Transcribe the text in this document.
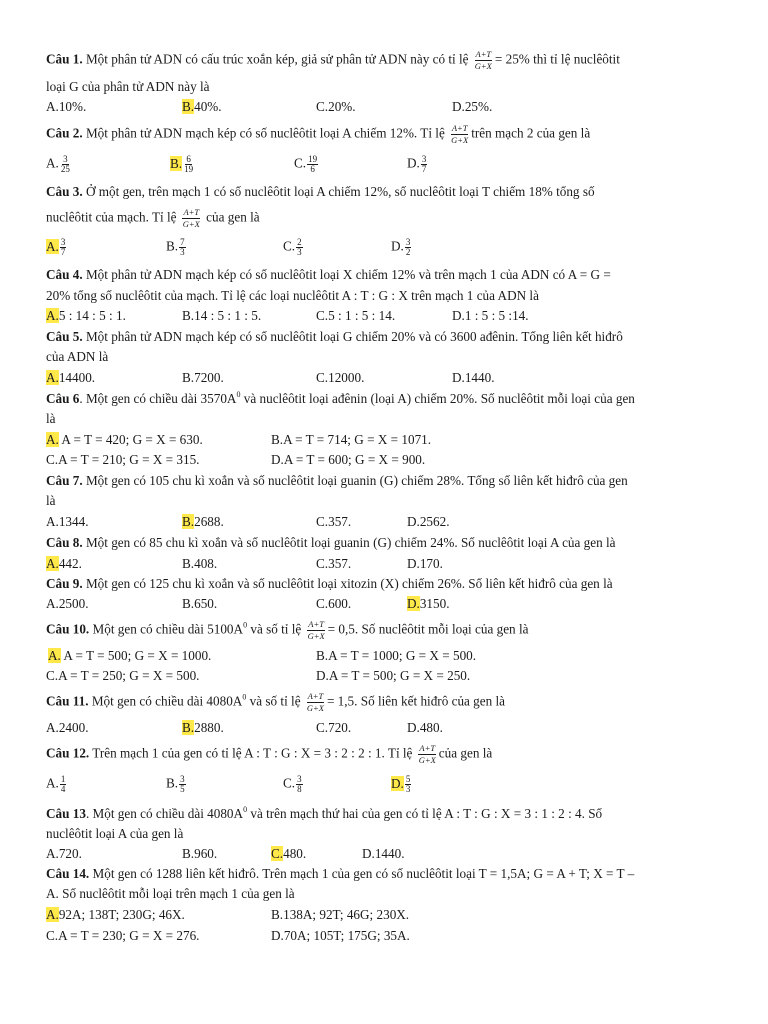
Câu 1. Một phân tử ADN có cấu trúc xoắn kép, giả sử phân tử ADN này có tỉ lệ $\frac{A+T}{G+X} = 25\%$ thì tỉ lệ nuclêôtit
loại G của phân tử ADN này là
A.10%.	B.40%.	C.20%.	D.25%.
Câu 2. Một phân tử ADN mạch kép có số nuclêôtit loại A chiếm 12%. Tỉ lệ $\frac{A+T}{G+X}$ trên mạch 2 của gen là
A. $\frac{3}{25}$	B. $\frac{6}{19}$	C. $\frac{19}{6}$	D. $\frac{3}{7}$
Câu 3. Ở một gen, trên mạch 1 có số nuclêôtit loại A chiếm 12%, số nuclêôtit loại T chiếm 18% tổng số
nuclêôtit của mạch. Tỉ lệ $\frac{A+T}{G+X}$ của gen là
A. $\frac{3}{7}$	B. $\frac{7}{3}$	C. $\frac{2}{3}$	D. $\frac{3}{2}$
Câu 4. Một phân tử ADN mạch kép có số nuclêôtit loại X chiếm 12% và trên mạch 1 của ADN có A = G =
20% tổng số nuclêôtit của mạch. Tỉ lệ các loại nuclêôtit A : T : G : X trên mạch 1 của ADN là
A.5 : 14 : 5 : 1.	B.14 : 5 : 1 : 5.	C.5 : 1 : 5 : 14.	D.1 : 5 : 5 :14.
Câu 5. Một phân tử ADN mạch kép có số nuclêôtit loại G chiếm 20% và có 3600 ađênin. Tổng liên kết hiđrô
của ADN là
A.14400.	B.7200.	C.12000.	D.1440.
Câu 6. Một gen có chiều dài $3570A^0$ và nuclêôtit loại ađênin (loại A) chiếm 20%. Số nuclêôtit mỗi loại của gen
là
A. A = T = 420; G = X = 630.	B.A = T = 714; G = X = 1071.
C.A = T = 210; G = X = 315.	D.A = T = 600; G = X = 900.
Câu 7. Một gen có 105 chu kì xoắn và số nuclêôtit loại guanin (G) chiếm 28%. Tổng số liên kết hiđrô của gen
là
A.1344.	B.2688.	C.357.	D.2562.
Câu 8. Một gen có 85 chu kì xoắn và số nuclêôtit loại guanin (G) chiếm 24%. Số nuclêôtit loại A của gen là
A.442.	B.408.	C.357.	D.170.
Câu 9. Một gen có 125 chu kì xoắn và số nuclêôtit loại xitozin (X) chiếm 26%. Số liên kết hiđrô của gen là
A.2500.	B.650.	C.600.	D.3150.
Câu 10. Một gen có chiều dài $5100A^0$ và số tỉ lệ $\frac{A+T}{G+X} = 0,5$. Số nuclêôtit mỗi loại của gen là
A. A = T = 500; G = X = 1000.	B.A = T = 1000; G = X = 500.
C.A = T = 250; G = X = 500.	D.A = T = 500; G = X = 250.
Câu 11. Một gen có chiều dài $4080A^0$ và số tỉ lệ $\frac{A+T}{G+X} = 1,5$. Số liên kết hiđrô của gen là
A.2400.	B.2880.	C.720.	D.480.
Câu 12. Trên mạch 1 của gen có tỉ lệ A : T : G : X = 3 : 2 : 2 : 1. Tỉ lệ $\frac{A+T}{G+X}$ của gen là
A. $\frac{1}{4}$	B. $\frac{3}{5}$	C. $\frac{3}{8}$	D. $\frac{5}{3}$
Câu 13. Một gen có chiều dài $4080A^0$ và trên mạch thứ hai của gen có tỉ lệ A : T : G : X = 3 : 1 : 2 : 4. Số
nuclêôtit loại A của gen là
A.720.	B.960.	C.480.	D.1440.
Câu 14. Một gen có 1288 liên kết hiđrô. Trên mạch 1 của gen có số nuclêôtit loại T = 1,5A; G = A + T; X = T –
A. Số nuclêôtit mỗi loại trên mạch 1 của gen là
A.92A; 138T; 230G; 46X.	B.138A; 92T; 46G; 230X.
C.A = T = 230; G = X = 276.	D.70A; 105T; 175G; 35A.
